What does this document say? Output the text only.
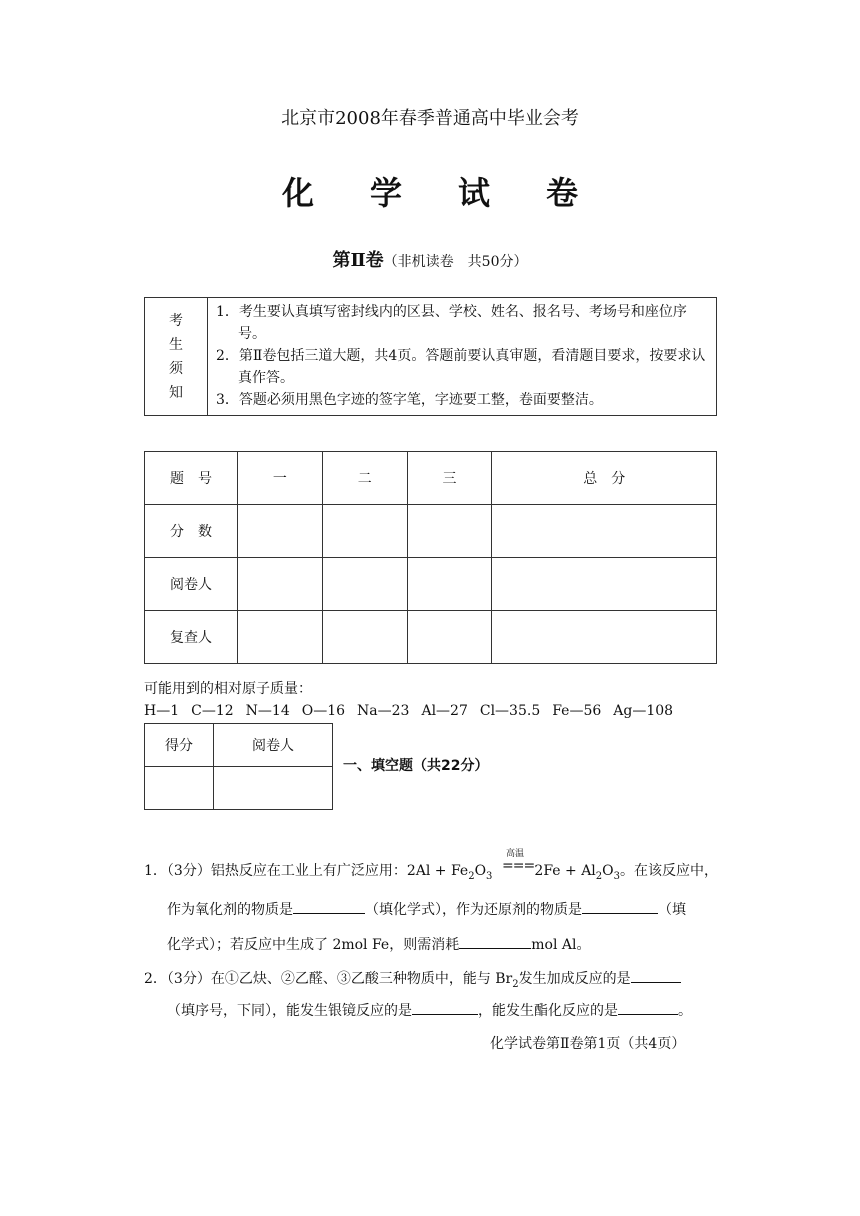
北京市2008年春季普通高中毕业会考
化学试卷
第Ⅱ卷（非机读卷　共50分）
考
生
须
知

1．考生要认真填写密封线内的区县、学校、姓名、报名号、考场号和座位序号。
2．第Ⅱ卷包括三道大题，共4页。答题前要认真审题，看清题目要求，按要求认真作答。
3．答题必须用黑色字迹的签字笔，字迹要工整，卷面要整洁。
题　号	一	二	三	总　分
分　数				
阅卷人				
复查人				
可能用到的相对原子质量：
H—1 C—12 N—14 O—16 Na—23 Al—27 Cl—35.5 Fe—56 Ag—108
得分	阅卷人

一、填空题（共22分）
高温
===
1．（3分）铝热反应在工业上有广泛应用：$2Al + Fe_2O_3$	$2Fe + Al_2O_3$。在该反应中，
作为氧化剂的物质是	（填化学式），作为还原剂的物质是	（填
化学式）；若反应中生成了 2mol Fe，则需消耗	mol Al。
2．（3分）在①乙炔、②乙醛、③乙酸三种物质中，能与 $Br_2$发生加成反应的是
（填序号，下同），能发生银镜反应的是	，能发生酯化反应的是	。
化学试卷第Ⅱ卷第1页（共4页）
